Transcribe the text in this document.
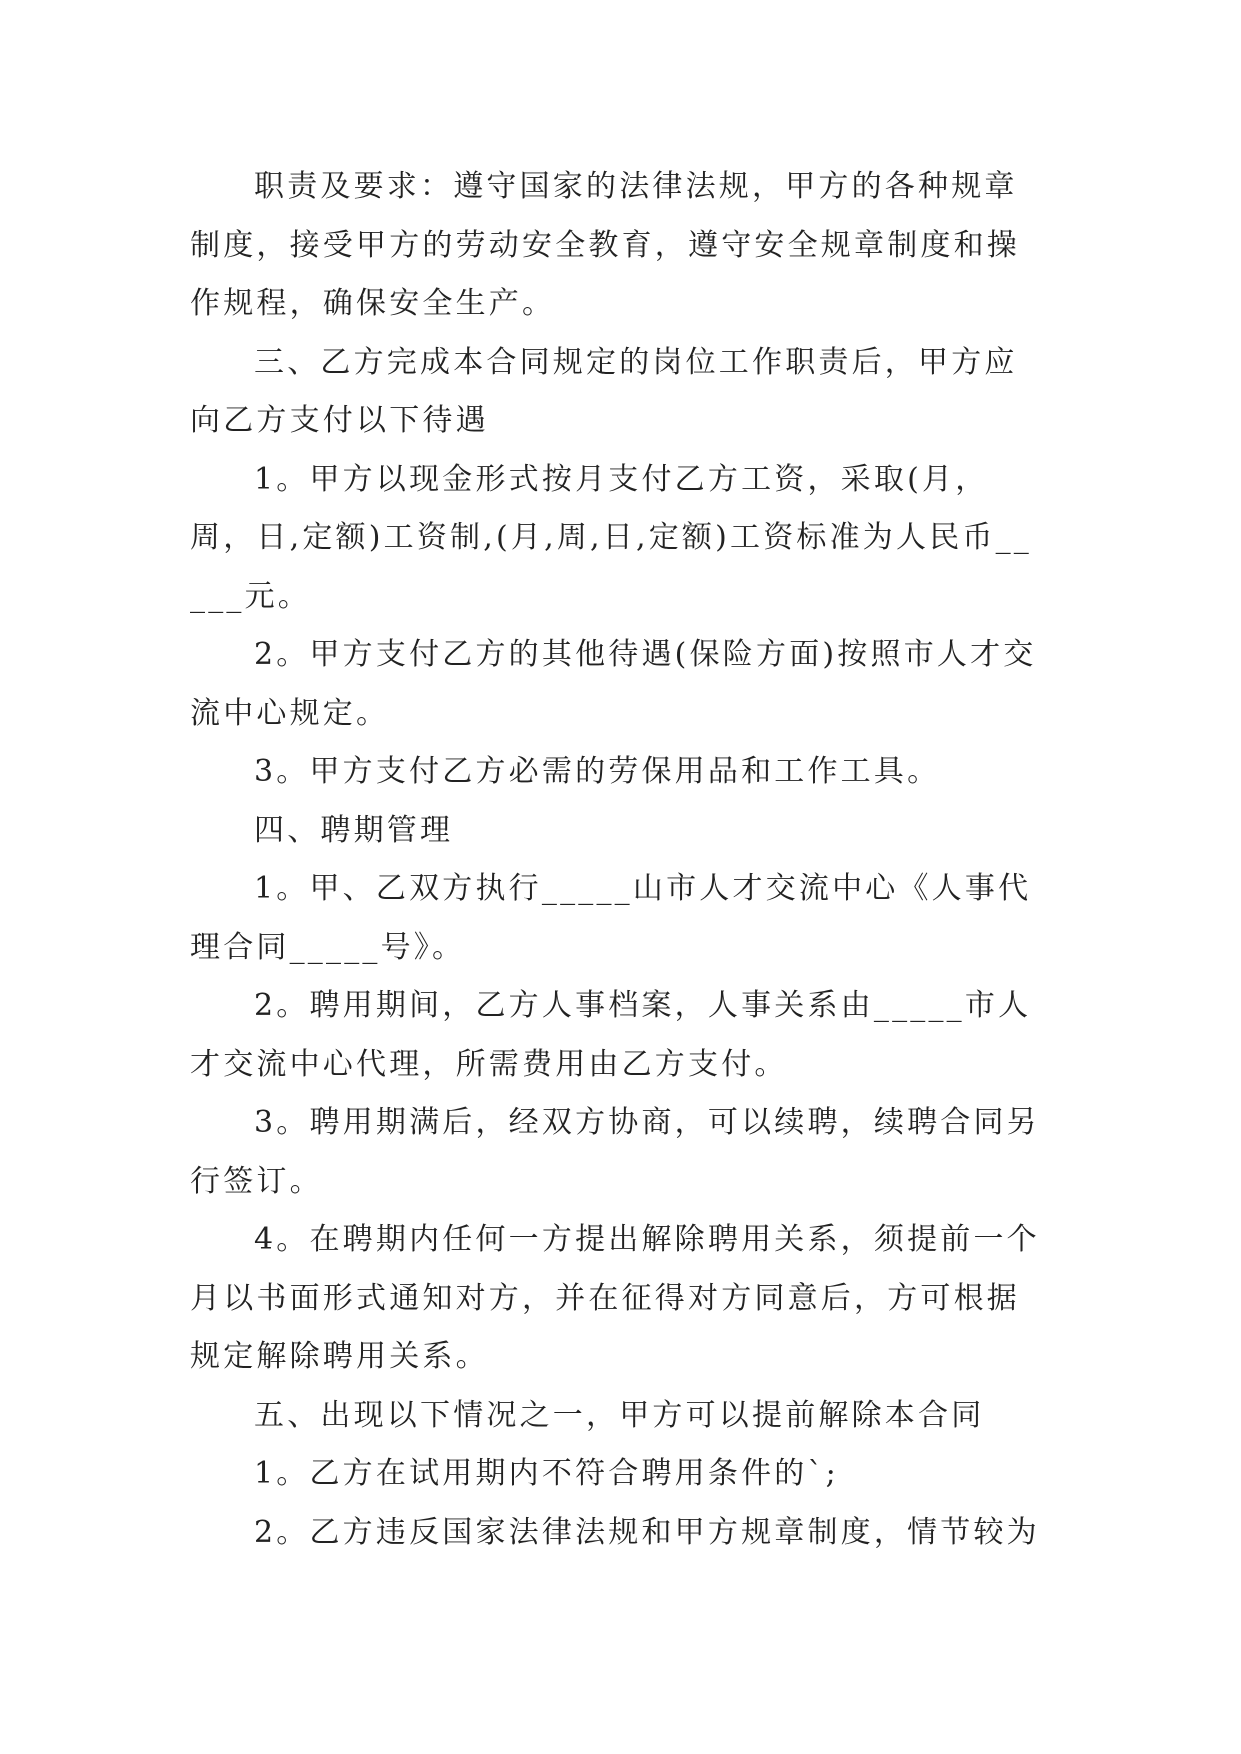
职责及要求：遵守国家的法律法规，甲方的各种规章制度，接受甲方的劳动安全教育，遵守安全规章制度和操作规程，确保安全生产。

三、乙方完成本合同规定的岗位工作职责后，甲方应向乙方支付以下待遇

1。甲方以现金形式按月支付乙方工资，采取(月，周，日,定额)工资制,(月,周,日,定额)工资标准为人民币_____元。

2。甲方支付乙方的其他待遇(保险方面)按照市人才交流中心规定。

3。甲方支付乙方必需的劳保用品和工作工具。

四、聘期管理

1。甲、乙双方执行_____山市人才交流中心《人事代理合同_____号》。

2。聘用期间，乙方人事档案，人事关系由_____市人才交流中心代理，所需费用由乙方支付。

3。聘用期满后，经双方协商，可以续聘，续聘合同另行签订。

4。在聘期内任何一方提出解除聘用关系，须提前一个月以书面形式通知对方，并在征得对方同意后，方可根据规定解除聘用关系。

五、出现以下情况之一，甲方可以提前解除本合同

1。乙方在试用期内不符合聘用条件的`;

2。乙方违反国家法律法规和甲方规章制度，情节较为
